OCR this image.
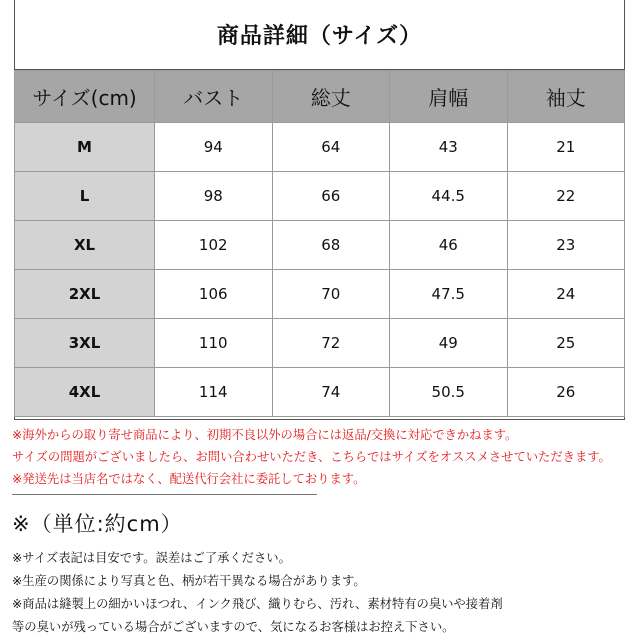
商品詳細（サイズ）
サイズ(cm)	バスト	総丈	肩幅	袖丈
M	94	64	43	21
L	98	66	44.5	22
XL	102	68	46	23
2XL	106	70	47.5	24
3XL	110	72	49	25
4XL	114	74	50.5	26
※海外からの取り寄せ商品により、初期不良以外の場合には返品/交換に対応できかねます。
サイズの問題がございましたら、お問い合わせいただき、こちらではサイズをオススメさせていただきます。
※発送先は当店名ではなく、配送代行会社に委託しております。
※（単位:約cm）
※サイズ表記は目安です。誤差はご了承ください。
※生産の関係により写真と色、柄が若干異なる場合があります。
※商品は縫製上の細かいほつれ、インク飛び、織りむら、汚れ、素材特有の臭いや接着剤
等の臭いが残っている場合がございますので、気になるお客様はお控え下さい。
